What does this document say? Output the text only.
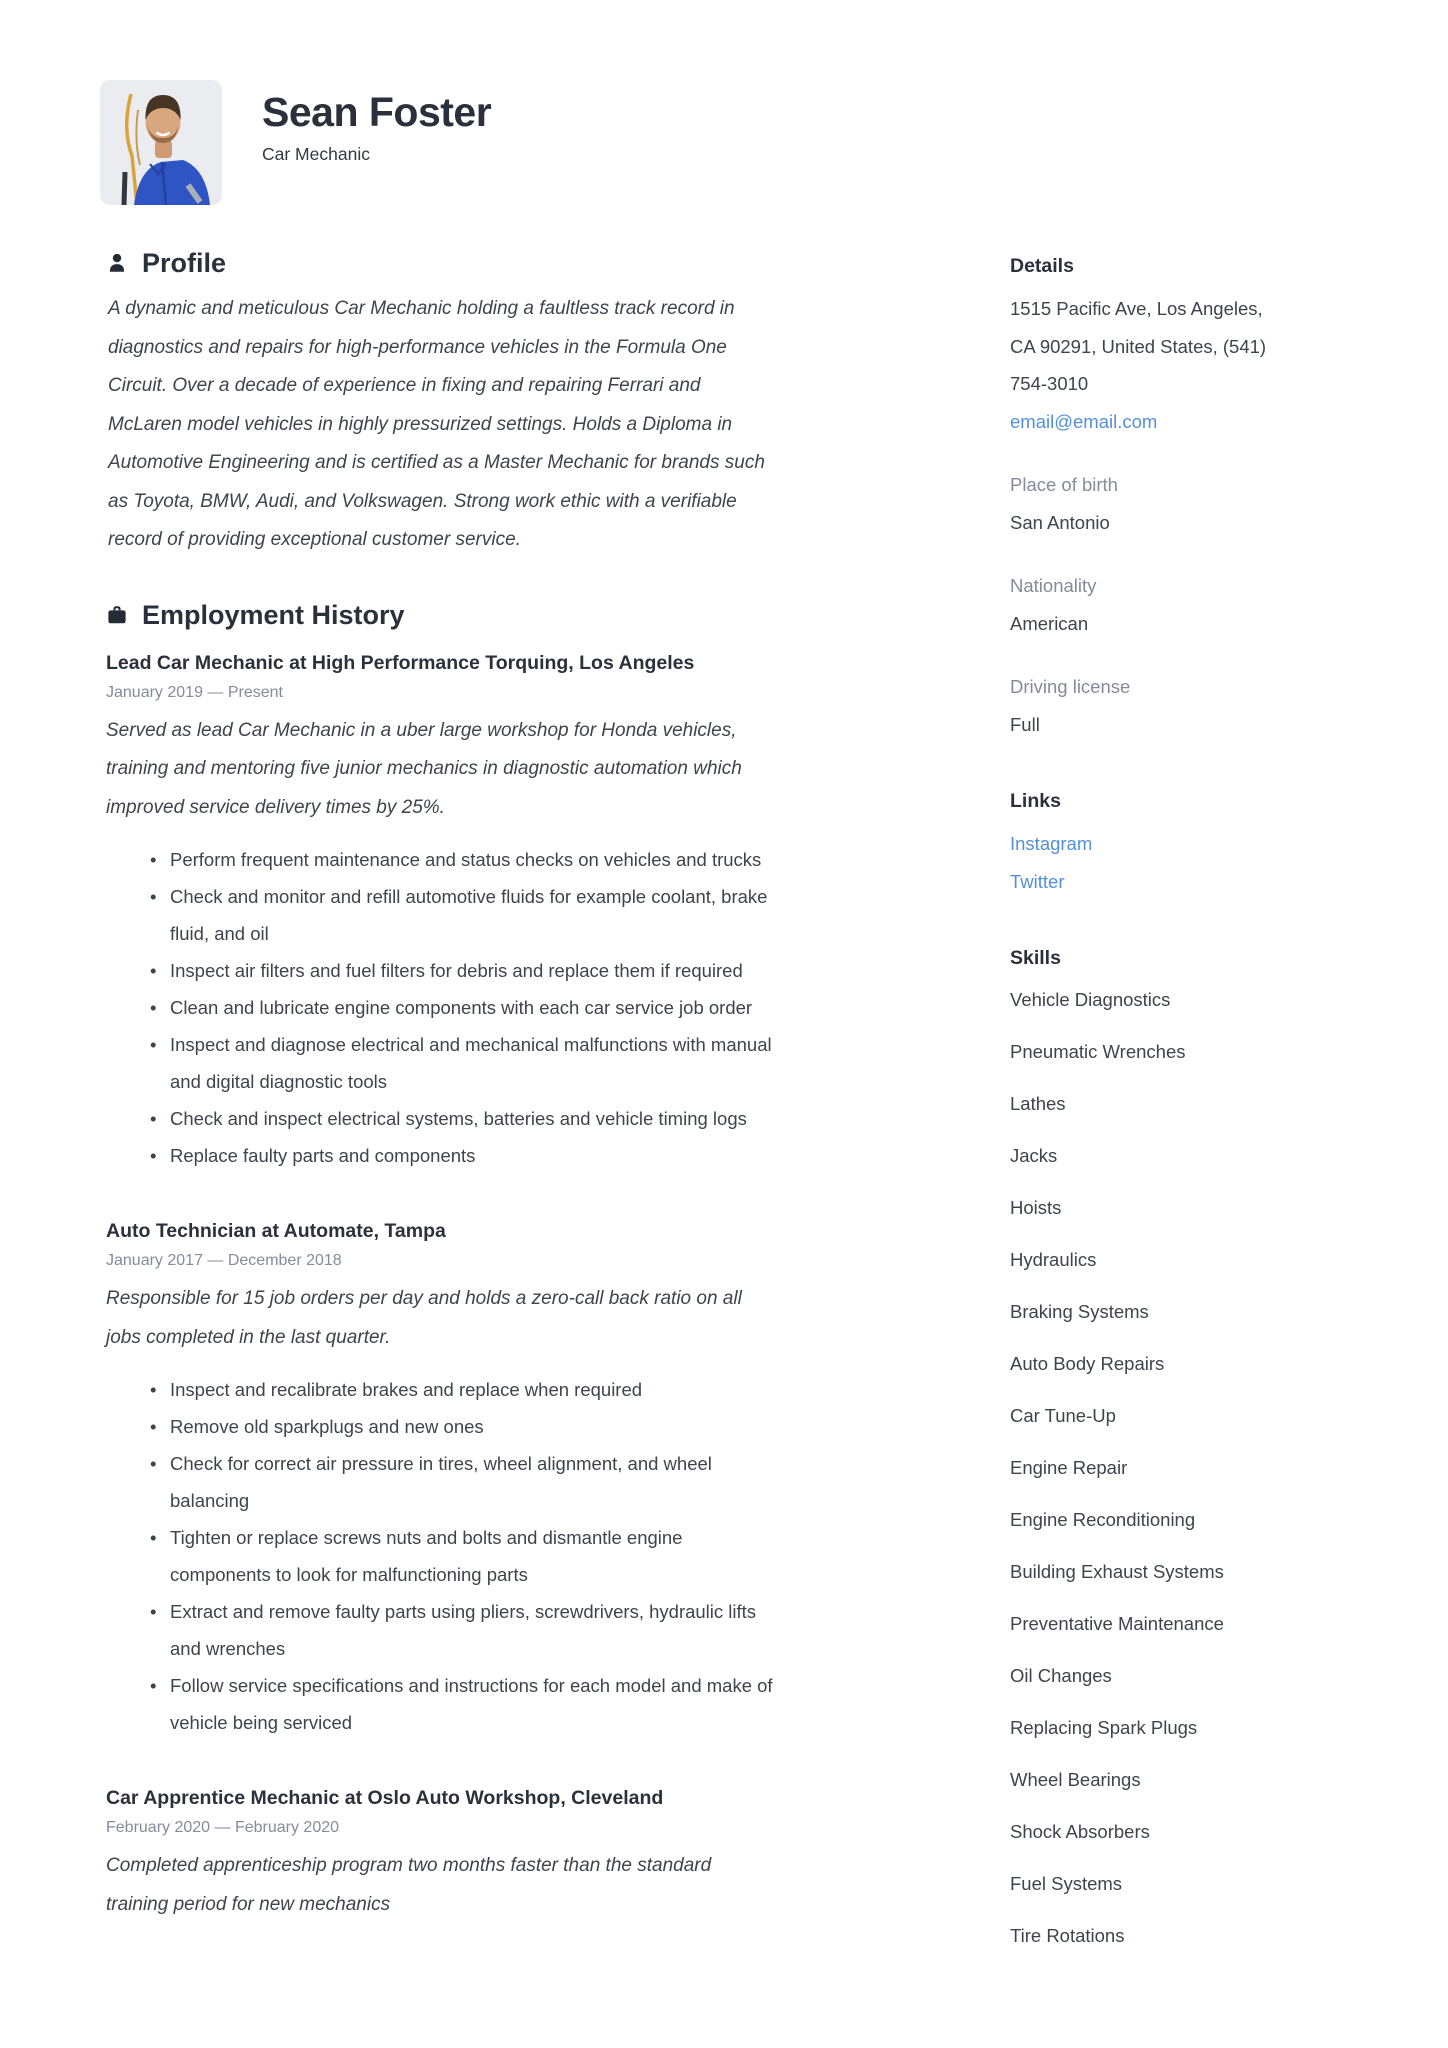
Sean Foster
Car Mechanic
Profile

A dynamic and meticulous Car Mechanic holding a faultless track record in diagnostics and repairs for high-performance vehicles in the Formula One Circuit. Over a decade of experience in fixing and repairing Ferrari and McLaren model vehicles in highly pressurized settings. Holds a Diploma in Automotive Engineering and is certified as a Master Mechanic for brands such as Toyota, BMW, Audi, and Volkswagen. Strong work ethic with a verifiable record of providing exceptional customer service.

Employment History
Lead Car Mechanic at High Performance Torquing, Los Angeles
January 2019 — Present
Served as lead Car Mechanic in a uber large workshop for Honda vehicles, training and mentoring five junior mechanics in diagnostic automation which improved service delivery times by 25%.
• Perform frequent maintenance and status checks on vehicles and trucks
• Check and monitor and refill automotive fluids for example coolant, brake fluid, and oil
• Inspect air filters and fuel filters for debris and replace them if required
• Clean and lubricate engine components with each car service job order
• Inspect and diagnose electrical and mechanical malfunctions with manual and digital diagnostic tools
• Check and inspect electrical systems, batteries and vehicle timing logs
• Replace faulty parts and components
Auto Technician at Automate, Tampa
January 2017 — December 2018
Responsible for 15 job orders per day and holds a zero-call back ratio on all jobs completed in the last quarter.
• Inspect and recalibrate brakes and replace when required
• Remove old sparkplugs and new ones
• Check for correct air pressure in tires, wheel alignment, and wheel balancing
• Tighten or replace screws nuts and bolts and dismantle engine components to look for malfunctioning parts
• Extract and remove faulty parts using pliers, screwdrivers, hydraulic lifts and wrenches
• Follow service specifications and instructions for each model and make of vehicle being serviced
Car Apprentice Mechanic at Oslo Auto Workshop, Cleveland
February 2020 — February 2020
Completed apprenticeship program two months faster than the standard training period for new mechanics
Details
1515 Pacific Ave, Los Angeles,
CA 90291, United States, (541)
754-3010
email@email.com
Place of birth
San Antonio
Nationality
American
Driving license
Full
Links
Instagram
Twitter
Skills
Vehicle Diagnostics
Pneumatic Wrenches
Lathes
Jacks
Hoists
Hydraulics
Braking Systems
Auto Body Repairs
Car Tune-Up
Engine Repair
Engine Reconditioning
Building Exhaust Systems
Preventative Maintenance
Oil Changes
Replacing Spark Plugs
Wheel Bearings
Shock Absorbers
Fuel Systems
Tire Rotations
